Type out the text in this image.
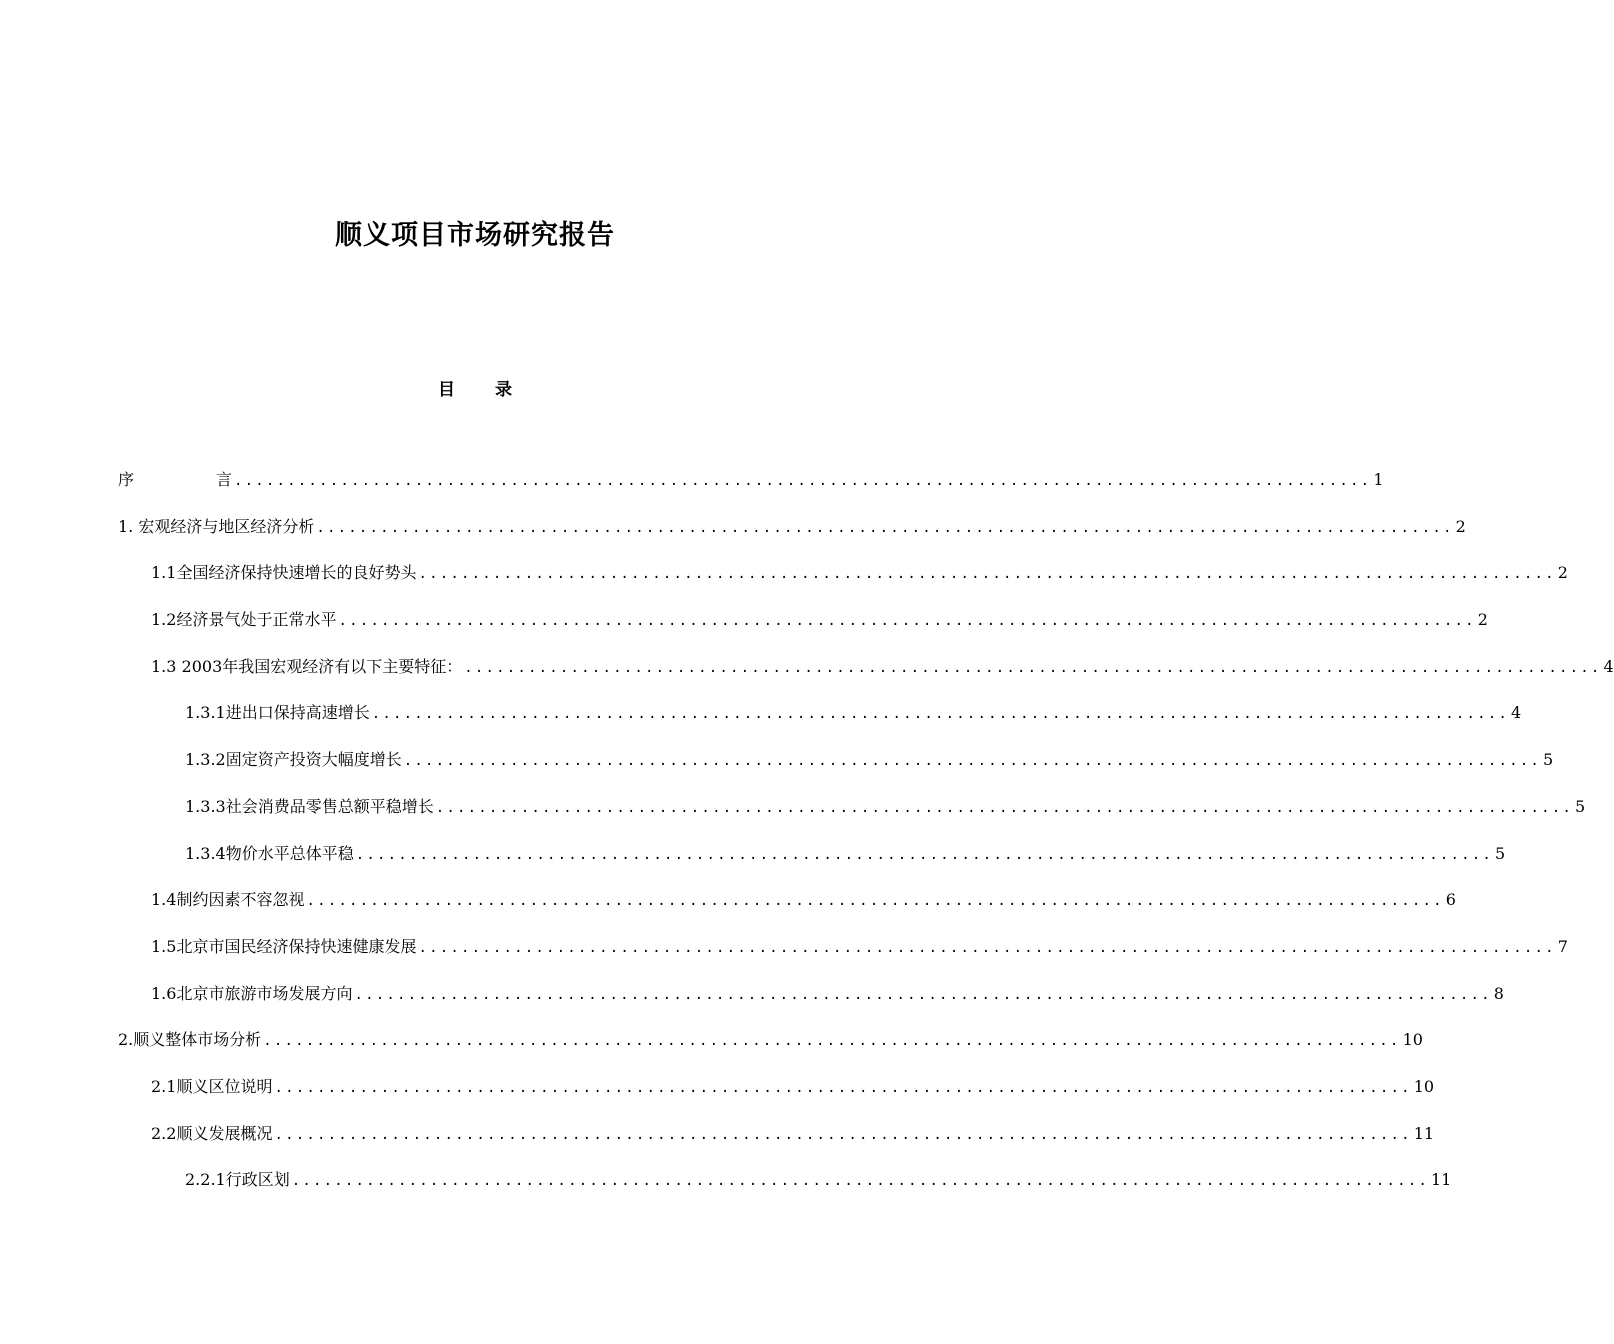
顺义项目市场研究报告
目 录
序	言 ........................................................................................................... 1
1. 宏观经济与地区经济分析 ........................................................................................................... 2
1.1全国经济保持快速增长的良好势头 ........................................................................................................... 2
1.2经济景气处于正常水平 ........................................................................................................... 2
1.3 2003年我国宏观经济有以下主要特征： ........................................................................................................... 4
1.3.1进出口保持高速增长 ........................................................................................................... 4
1.3.2固定资产投资大幅度增长 ........................................................................................................... 5
1.3.3社会消费品零售总额平稳增长 ........................................................................................................... 5
1.3.4物价水平总体平稳 ........................................................................................................... 5
1.4制约因素不容忽视 ........................................................................................................... 6
1.5北京市国民经济保持快速健康发展 ........................................................................................................... 7
1.6北京市旅游市场发展方向 ........................................................................................................... 8
2.顺义整体市场分析 ........................................................................................................... 10
2.1顺义区位说明 ........................................................................................................... 10
2.2顺义发展概况 ........................................................................................................... 11
2.2.1行政区划 ........................................................................................................... 11
